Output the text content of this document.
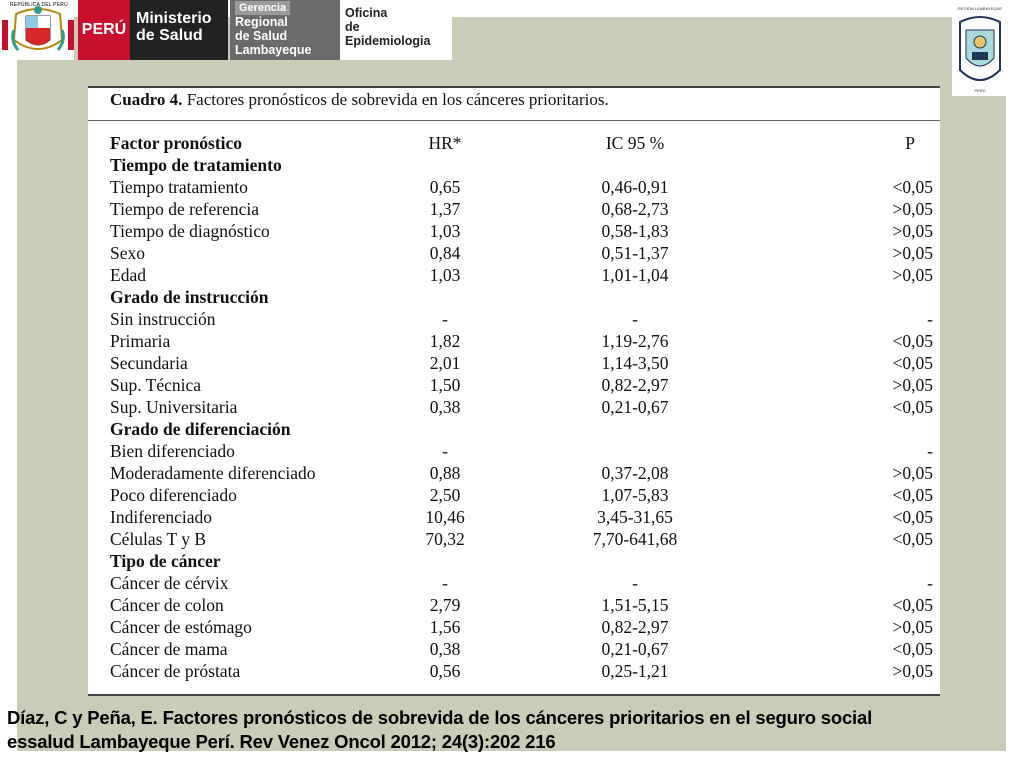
REPÚBLICA DEL PERÚ
PERÚ
Ministerio
de Salud
Gerencia
Regional
de Salud
Lambayeque
Oficina
de
Epidemiologia
REGIÓN LAMBAYEQUE
PERÚ
Cuadro 4. Factores pronósticos de sobrevida en los cánceres prioritarios.
Factor pronóstico	HR*	IC 95 %	P
Tiempo de tratamiento			
Tiempo tratamiento	0,65	0,46-0,91	<0,05
Tiempo de referencia	1,37	0,68-2,73	>0,05
Tiempo de diagnóstico	1,03	0,58-1,83	>0,05
Sexo	0,84	0,51-1,37	>0,05
Edad	1,03	1,01-1,04	>0,05
Grado de instrucción			
Sin instrucción	-	-	-
Primaria	1,82	1,19-2,76	<0,05
Secundaria	2,01	1,14-3,50	<0,05
Sup. Técnica	1,50	0,82-2,97	>0,05
Sup. Universitaria	0,38	0,21-0,67	<0,05
Grado de diferenciación			
Bien diferenciado	-		-
Moderadamente diferenciado	0,88	0,37-2,08	>0,05
Poco diferenciado	2,50	1,07-5,83	<0,05
Indiferenciado	10,46	3,45-31,65	<0,05
Células T y B	70,32	7,70-641,68	<0,05
Tipo de cáncer			
Cáncer de cérvix	-	-	-
Cáncer de colon	2,79	1,51-5,15	<0,05
Cáncer de estómago	1,56	0,82-2,97	>0,05
Cáncer de mama	0,38	0,21-0,67	<0,05
Cáncer de próstata	0,56	0,25-1,21	>0,05
Díaz, C y Peña, E. Factores pronósticos de sobrevida de los cánceres prioritarios en el seguro social
essalud Lambayeque Perí. Rev Venez Oncol 2012; 24(3):202 216
